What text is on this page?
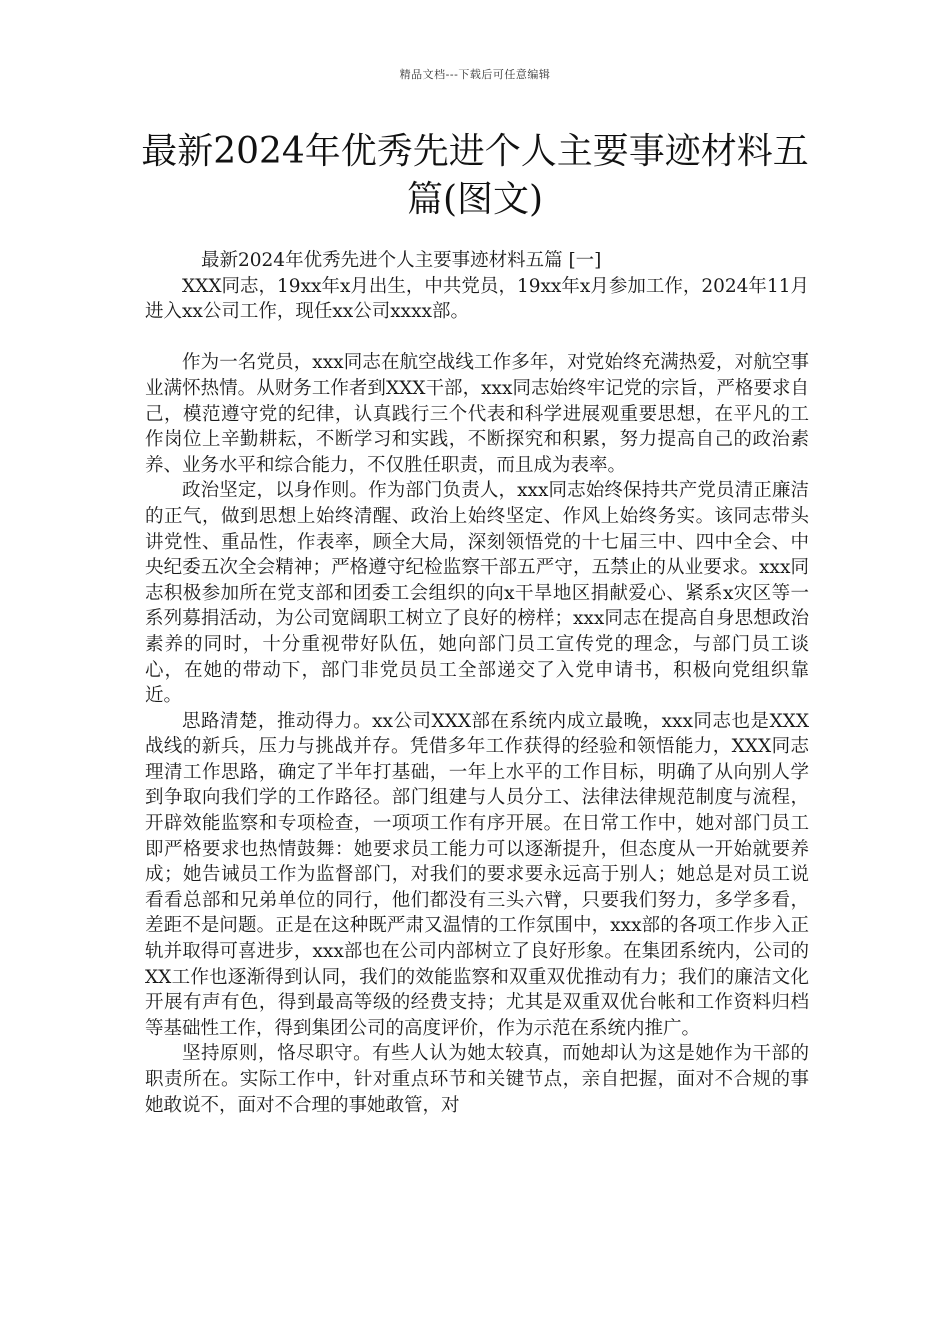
精品文档---下载后可任意编辑
最新2024年优秀先进个人主要事迹材料五篇(图文)

最新2024年优秀先进个人主要事迹材料五篇 [一]

XXX同志，19xx年x月出生，中共党员，19xx年x月参加工作，2024年11月进入xx公司工作，现任xx公司xxxx部。

作为一名党员，xxx同志在航空战线工作多年，对党始终充满热爱，对航空事业满怀热情。从财务工作者到XXX干部，xxx同志始终牢记党的宗旨，严格要求自己，模范遵守党的纪律，认真践行三个代表和科学进展观重要思想，在平凡的工作岗位上辛勤耕耘，不断学习和实践，不断探究和积累，努力提高自己的政治素养、业务水平和综合能力，不仅胜任职责，而且成为表率。

政治坚定，以身作则。作为部门负责人，xxx同志始终保持共产党员清正廉洁的正气，做到思想上始终清醒、政治上始终坚定、作风上始终务实。该同志带头讲党性、重品性，作表率，顾全大局，深刻领悟党的十七届三中、四中全会、中央纪委五次全会精神；严格遵守纪检监察干部五严守，五禁止的从业要求。xxx同志积极参加所在党支部和团委工会组织的向x干旱地区捐献爱心、紧系x灾区等一系列募捐活动，为公司宽阔职工树立了良好的榜样；xxx同志在提高自身思想政治素养的同时，十分重视带好队伍，她向部门员工宣传党的理念，与部门员工谈心，在她的带动下，部门非党员员工全部递交了入党申请书，积极向党组织靠近。

思路清楚，推动得力。xx公司XXX部在系统内成立最晚，xxx同志也是XXX战线的新兵，压力与挑战并存。凭借多年工作获得的经验和领悟能力，XXX同志理清工作思路，确定了半年打基础，一年上水平的工作目标，明确了从向别人学到争取向我们学的工作路径。部门组建与人员分工、法律法律规范制度与流程，开辟效能监察和专项检查，一项项工作有序开展。在日常工作中，她对部门员工即严格要求也热情鼓舞：她要求员工能力可以逐渐提升，但态度从一开始就要养成；她告诫员工作为监督部门，对我们的要求要永远高于别人；她总是对员工说看看总部和兄弟单位的同行，他们都没有三头六臂，只要我们努力，多学多看，差距不是问题。正是在这种既严肃又温情的工作氛围中，xxx部的各项工作步入正轨并取得可喜进步，xxx部也在公司内部树立了良好形象。在集团系统内，公司的XX工作也逐渐得到认同，我们的效能监察和双重双优推动有力；我们的廉洁文化开展有声有色，得到最高等级的经费支持；尤其是双重双优台帐和工作资料归档等基础性工作，得到集团公司的高度评价，作为示范在系统内推广。

坚持原则，恪尽职守。有些人认为她太较真，而她却认为这是她作为干部的职责所在。实际工作中，针对重点环节和关键节点，亲自把握，面对不合规的事她敢说不，面对不合理的事她敢管，对
